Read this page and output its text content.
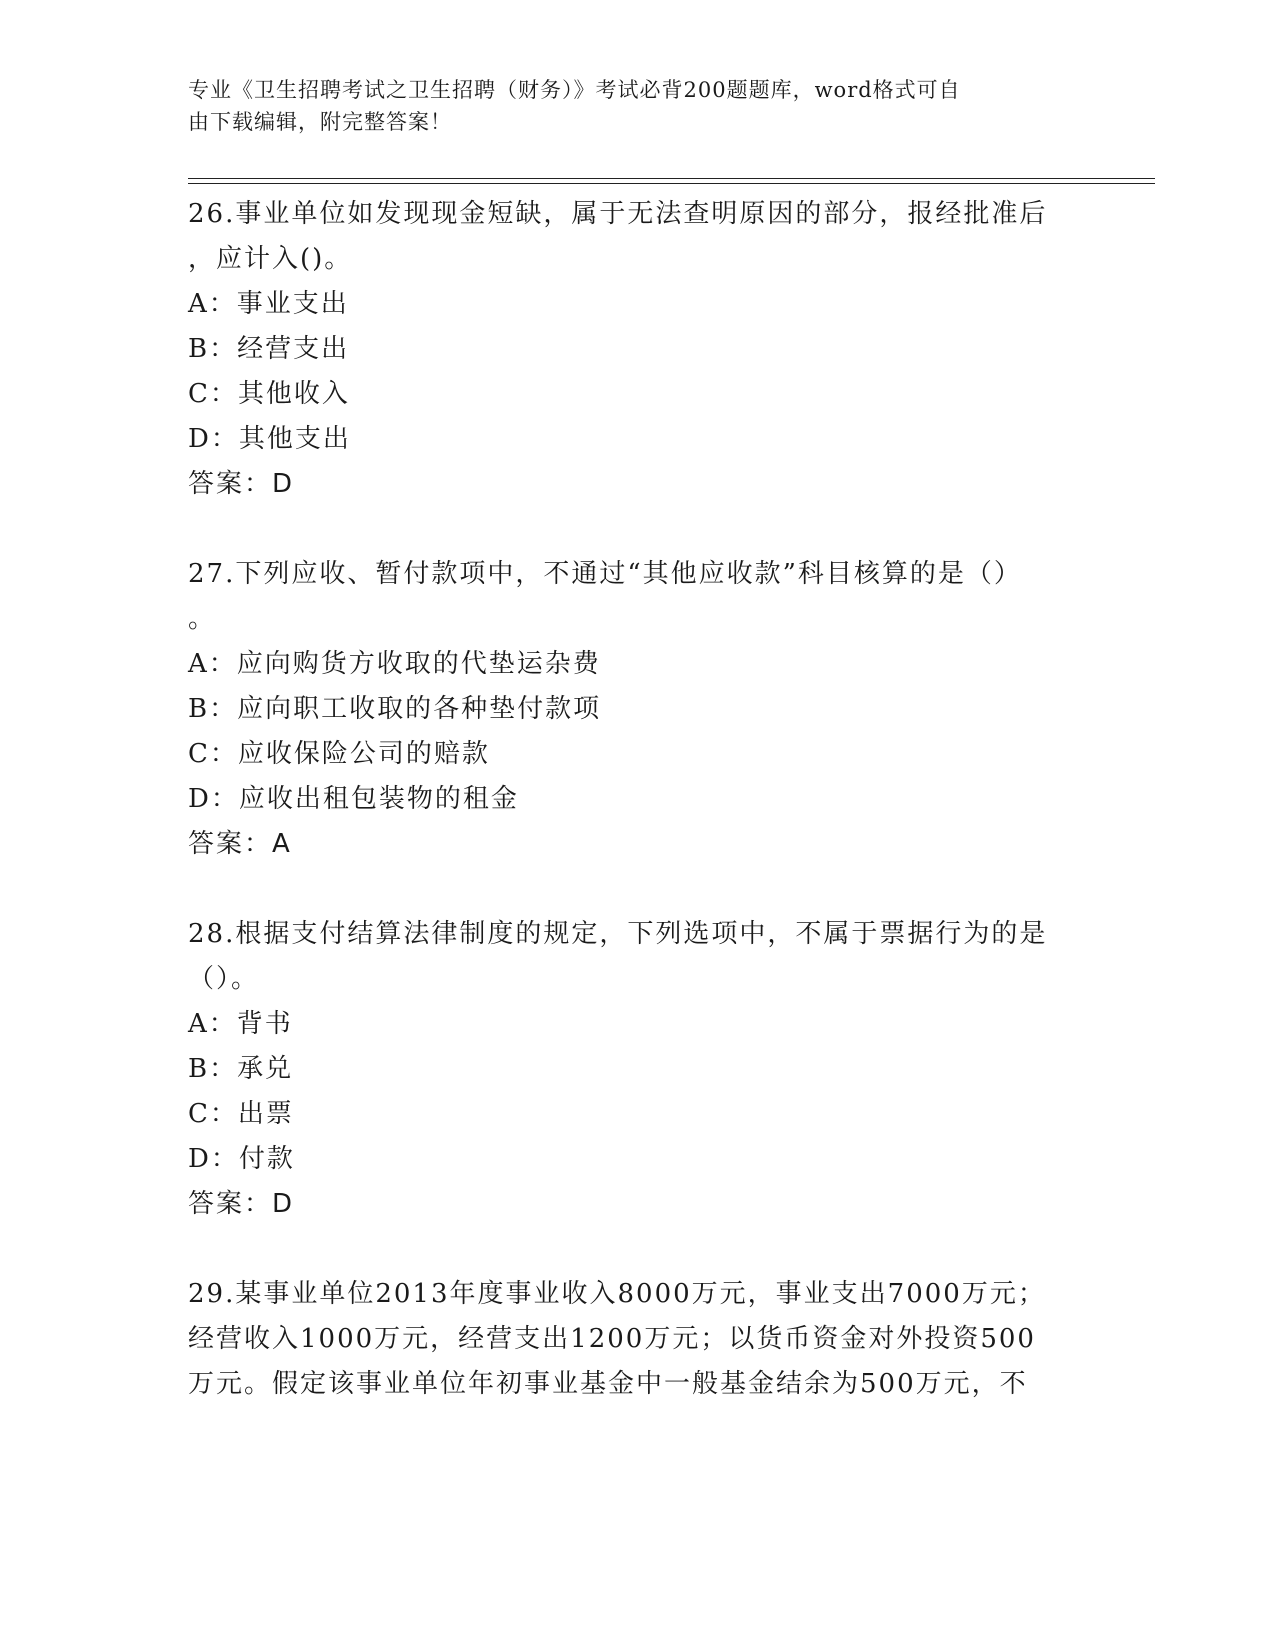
专业《卫生招聘考试之卫生招聘（财务）》考试必背200题题库，word格式可自
由下载编辑，附完整答案！

26.事业单位如发现现金短缺，属于无法查明原因的部分，报经批准后

，应计入()。

A：事业支出

B：经营支出

C：其他收入

D：其他支出

答案：D

27.下列应收、暂付款项中，不通过“其他应收款”科目核算的是（）

。

A：应向购货方收取的代垫运杂费

B：应向职工收取的各种垫付款项

C：应收保险公司的赔款

D：应收出租包装物的租金

答案：A

28.根据支付结算法律制度的规定，下列选项中，不属于票据行为的是

（）。

A：背书

B：承兑

C：出票

D：付款

答案：D

29.某事业单位2013年度事业收入8000万元，事业支出7000万元；

经营收入1000万元，经营支出1200万元；以货币资金对外投资500

万元。假定该事业单位年初事业基金中一般基金结余为500万元，不
